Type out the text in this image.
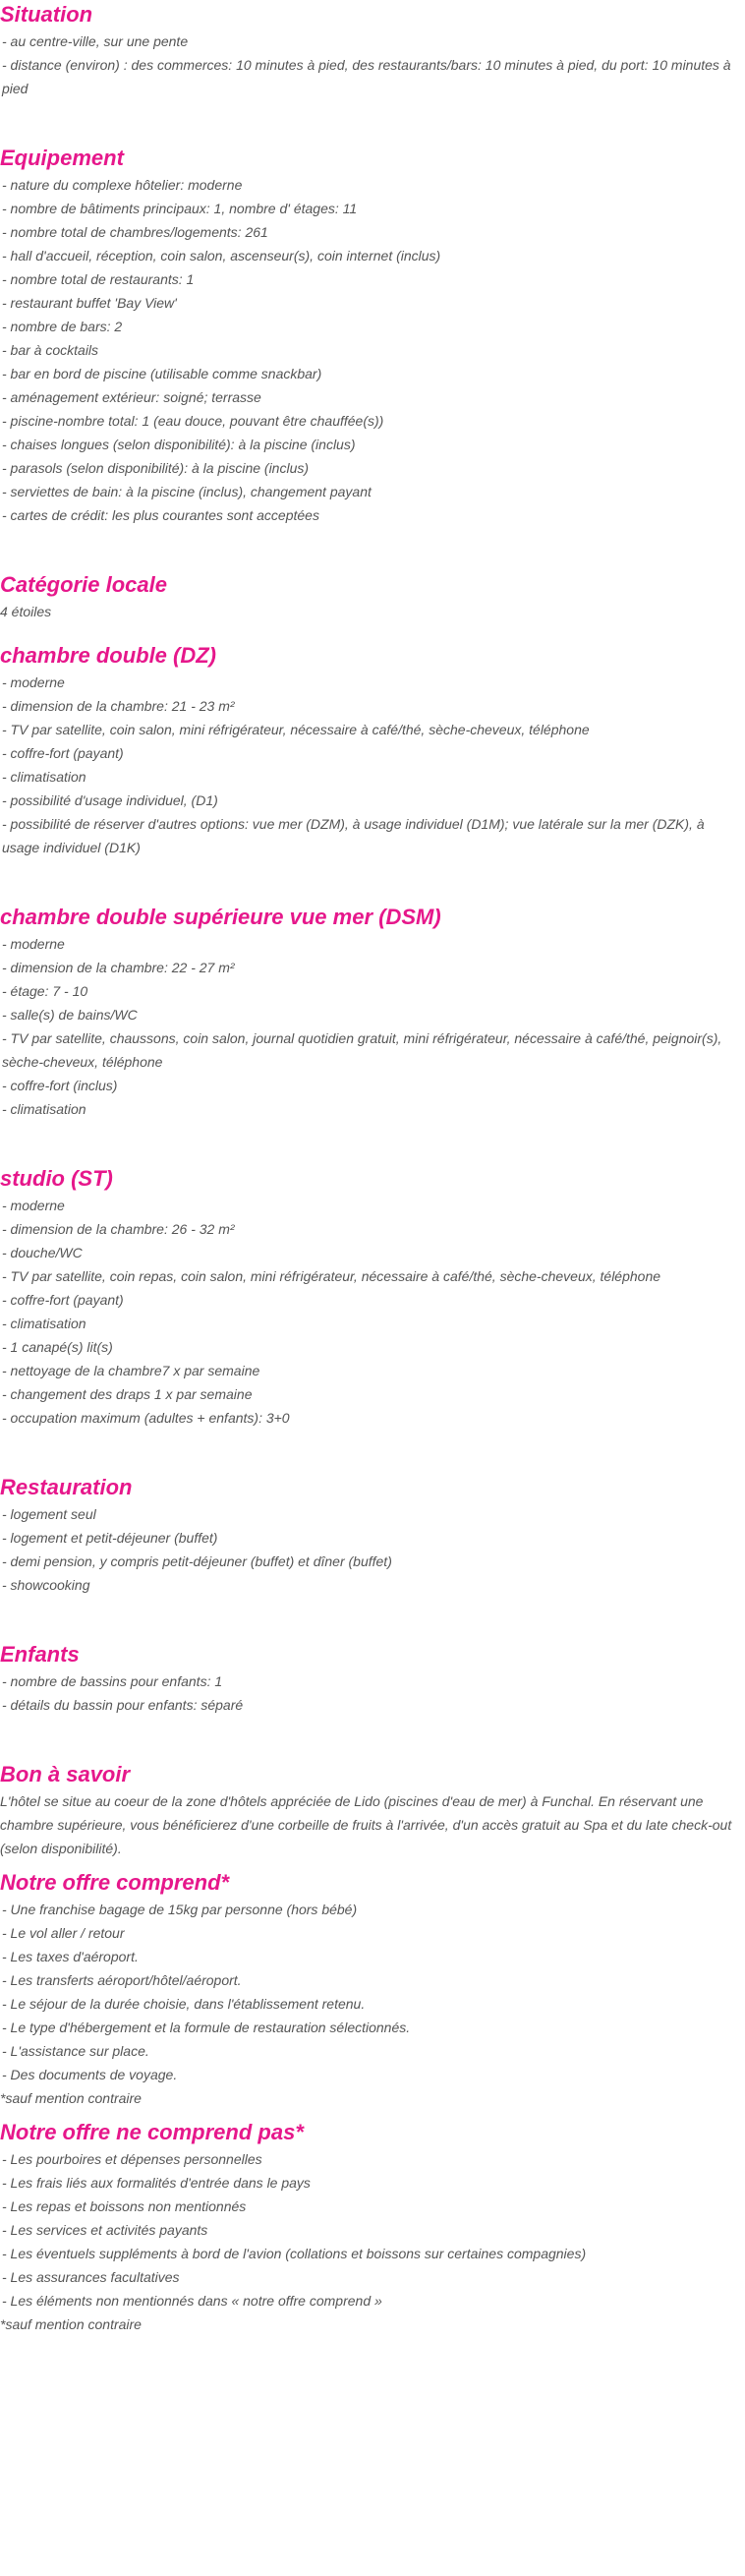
Situation

- au centre-ville, sur une pente

- distance (environ) : des commerces: 10 minutes à pied, des restaurants/bars: 10 minutes à pied, du port: 10 minutes à pied

Equipement

- nature du complexe hôtelier: moderne

- nombre de bâtiments principaux: 1, nombre d' étages: 11

- nombre total de chambres/logements: 261

- hall d'accueil, réception, coin salon, ascenseur(s), coin internet (inclus)

- nombre total de restaurants: 1

- restaurant buffet 'Bay View'

- nombre de bars: 2

- bar à cocktails

- bar en bord de piscine (utilisable comme snackbar)

- aménagement extérieur: soigné; terrasse

- piscine-nombre total: 1 (eau douce, pouvant être chauffée(s))

- chaises longues (selon disponibilité): à la piscine (inclus)

- parasols (selon disponibilité): à la piscine (inclus)

- serviettes de bain: à la piscine (inclus), changement payant

- cartes de crédit: les plus courantes sont acceptées

Catégorie locale

4 étoiles

chambre double (DZ)

- moderne

- dimension de la chambre: 21 - 23 m²

- TV par satellite, coin salon, mini réfrigérateur, nécessaire à café/thé, sèche-cheveux, téléphone

- coffre-fort (payant)

- climatisation

- possibilité d'usage individuel, (D1)

- possibilité de réserver d'autres options: vue mer (DZM), à usage individuel (D1M); vue latérale sur la mer (DZK), à usage individuel (D1K)

chambre double supérieure vue mer (DSM)

- moderne

- dimension de la chambre: 22 - 27 m²

- étage: 7 - 10

- salle(s) de bains/WC

- TV par satellite, chaussons, coin salon, journal quotidien gratuit, mini réfrigérateur, nécessaire à café/thé, peignoir(s), sèche-cheveux, téléphone

- coffre-fort (inclus)

- climatisation

studio (ST)

- moderne

- dimension de la chambre: 26 - 32 m²

- douche/WC

- TV par satellite, coin repas, coin salon, mini réfrigérateur, nécessaire à café/thé, sèche-cheveux, téléphone

- coffre-fort (payant)

- climatisation

- 1 canapé(s) lit(s)

- nettoyage de la chambre7 x par semaine

- changement des draps 1 x par semaine

- occupation maximum (adultes + enfants): 3+0

Restauration

- logement seul

- logement et petit-déjeuner (buffet)

- demi pension, y compris petit-déjeuner (buffet) et dîner (buffet)

- showcooking

Enfants

- nombre de bassins pour enfants: 1

- détails du bassin pour enfants: séparé

Bon à savoir

L'hôtel se situe au coeur de la zone d'hôtels appréciée de Lido (piscines d'eau de mer) à Funchal. En réservant une chambre supérieure, vous bénéficierez d'une corbeille de fruits à l'arrivée, d'un accès gratuit au Spa et du late check-out (selon disponibilité).

Notre offre comprend*

- Une franchise bagage de 15kg par personne (hors bébé)

- Le vol aller / retour

- Les taxes d'aéroport.

- Les transferts aéroport/hôtel/aéroport.

- Le séjour de la durée choisie, dans l'établissement retenu.

- Le type d'hébergement et la formule de restauration sélectionnés.

- L'assistance sur place.

- Des documents de voyage.

*sauf mention contraire

Notre offre ne comprend pas*

- Les pourboires et dépenses personnelles

- Les frais liés aux formalités d'entrée dans le pays

- Les repas et boissons non mentionnés

- Les services et activités payants

- Les éventuels suppléments à bord de l'avion (collations et boissons sur certaines compagnies)

- Les assurances facultatives

- Les éléments non mentionnés dans « notre offre comprend »

*sauf mention contraire
